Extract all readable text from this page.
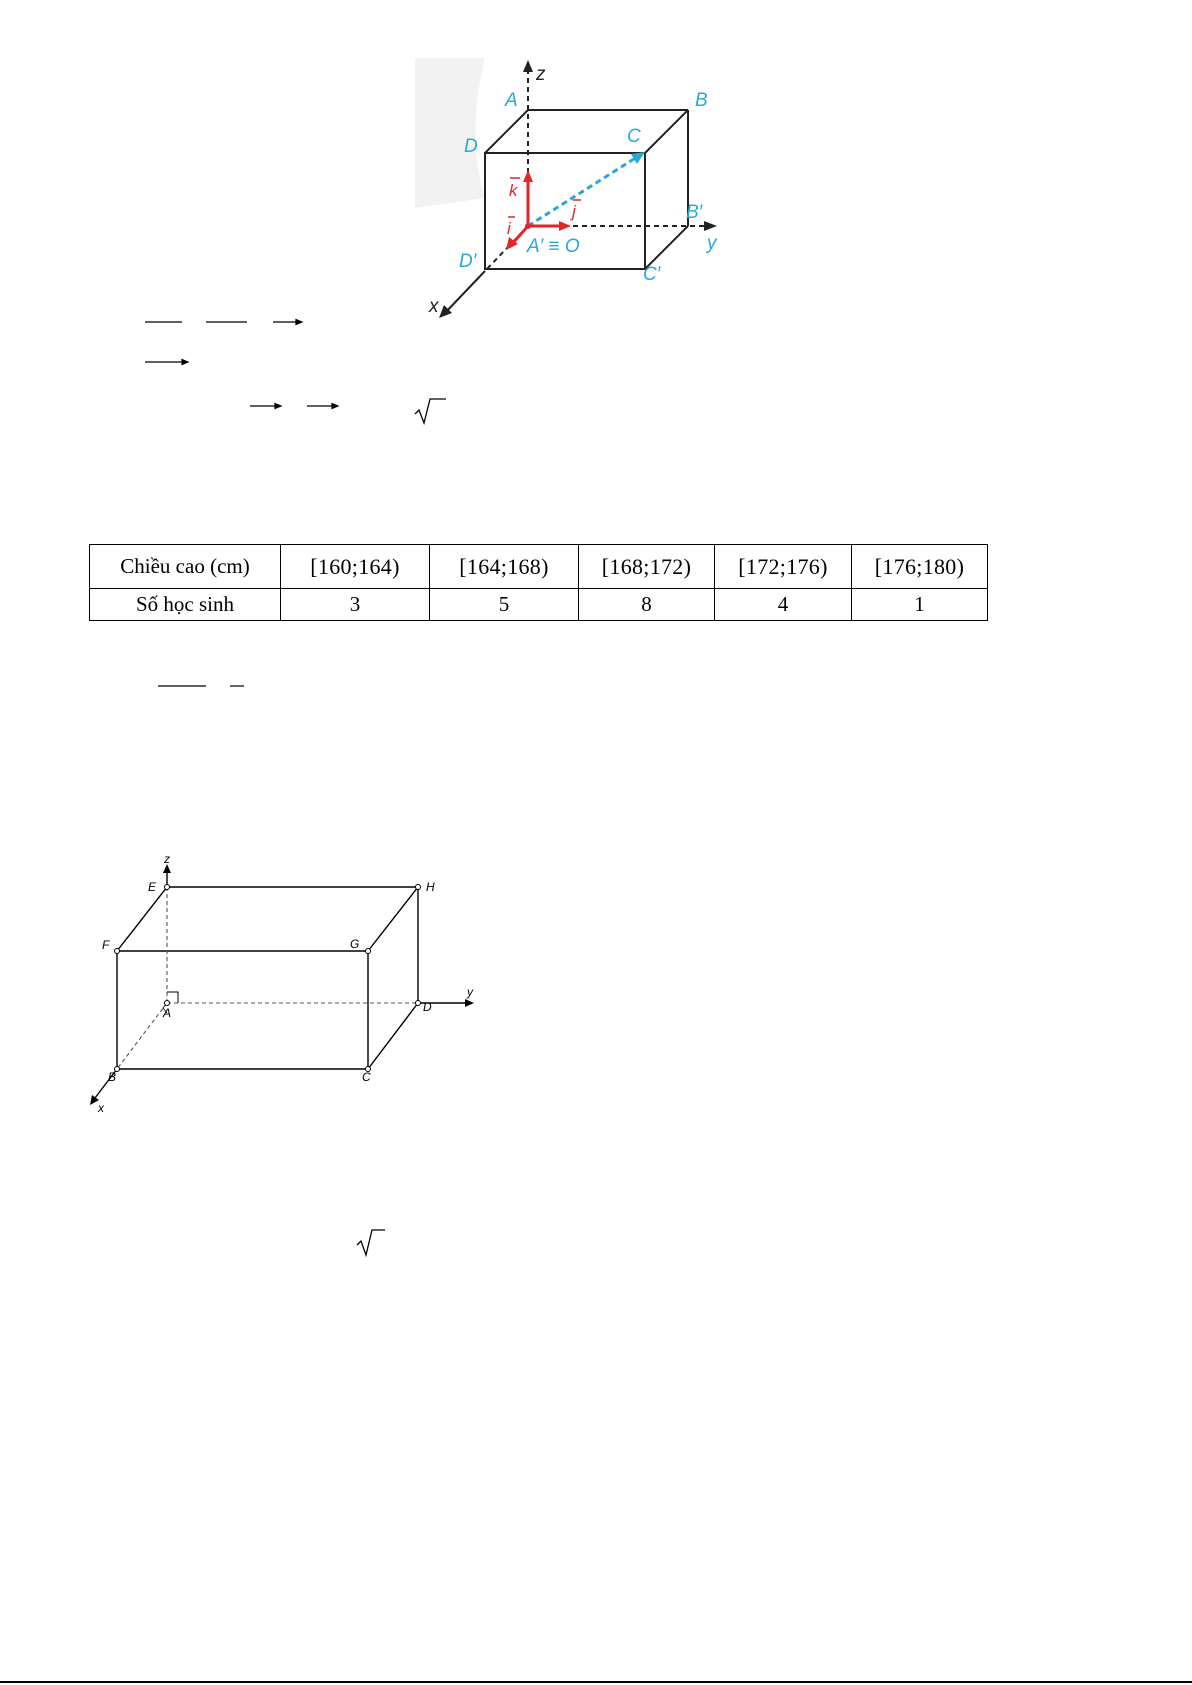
z
A	B
C
D
B′
y
A′ ≡ O
D′
C′
x
k
j
i
Chiều cao (cm)	[160;164)	[164;168)	[168;172)	[172;176)	[176;180)
Số học sinh	3	5	8	4	1
z
E	H
F	G
y
D
A
B	C
x
